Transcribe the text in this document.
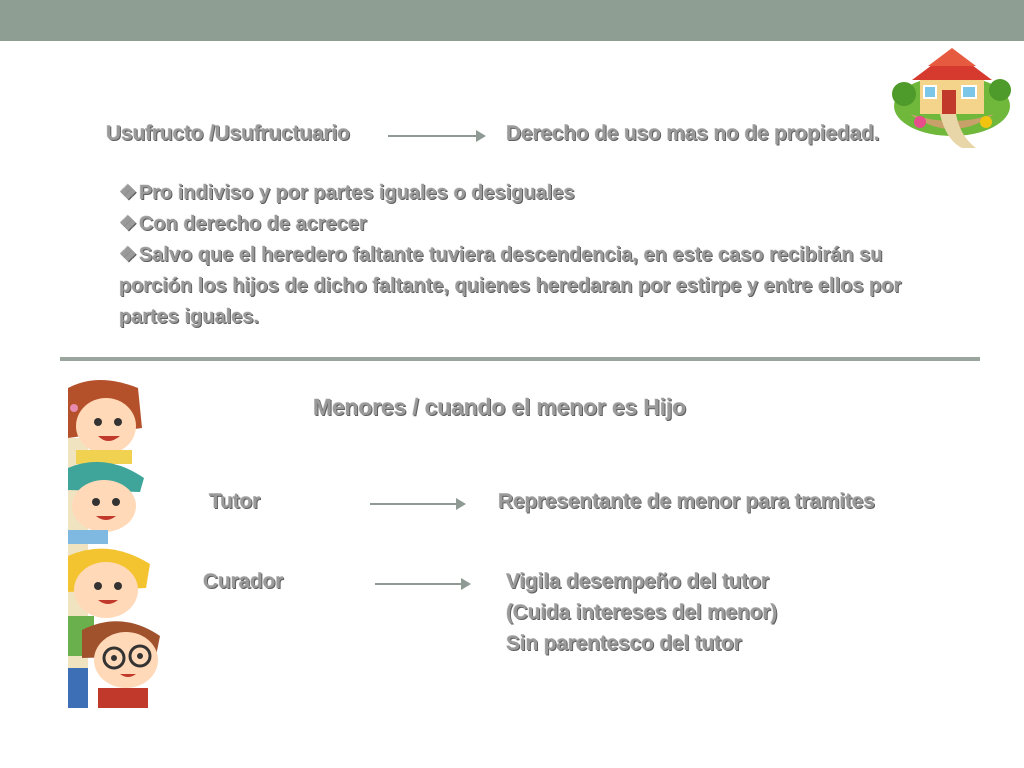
Usufructo /Usufructuario	Derecho de uso mas no de propiedad.
❖ Pro indiviso y por partes iguales o desiguales
❖ Con derecho de acrecer
❖ Salvo que el heredero faltante tuviera descendencia, en este caso recibirán su porción los hijos de dicho faltante, quienes heredaran por estirpe y entre ellos por partes iguales.
Menores / cuando el menor es Hijo
Tutor	Representante de menor para tramites
Curador	Vigila desempeño del tutor
(Cuida intereses del menor)
Sin parentesco del tutor
